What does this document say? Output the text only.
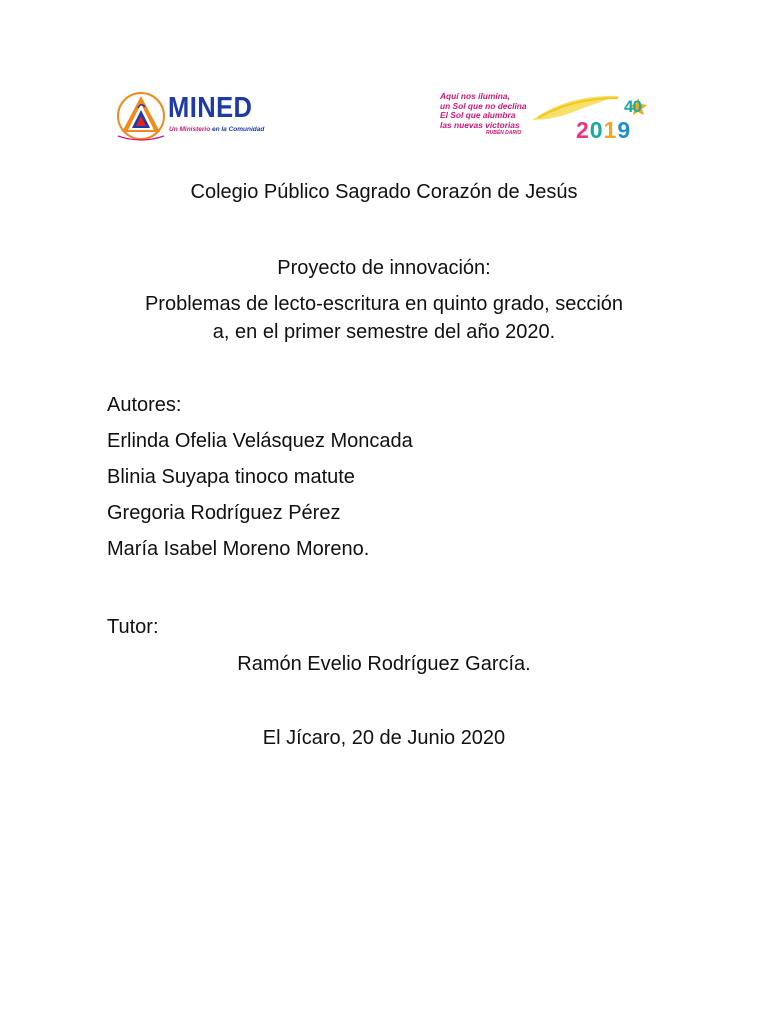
MINED
Un Ministerio en la Comunidad
Aquí nos ilumina,
un Sol que no declina
El Sol que alumbra
las nuevas victorias
RUBÉN DARÍO
40
2019
Colegio Público Sagrado Corazón de Jesús
Proyecto de innovación:
Problemas de lecto-escritura en quinto grado, sección
a, en el primer semestre del año 2020.
Autores:
Erlinda Ofelia Velásquez Moncada
Blinia Suyapa tinoco matute
Gregoria Rodríguez Pérez
María Isabel Moreno Moreno.
Tutor:
Ramón Evelio Rodríguez García.
El Jícaro, 20 de Junio 2020
